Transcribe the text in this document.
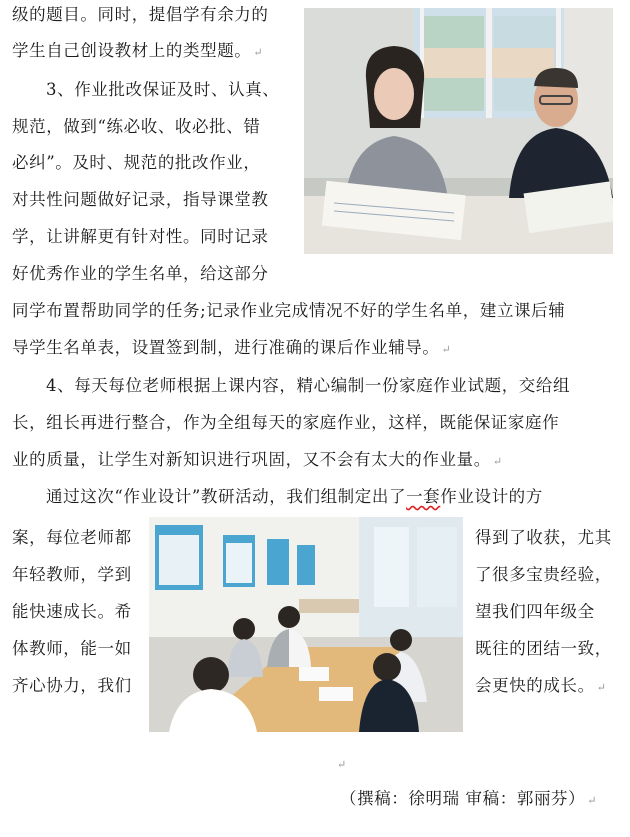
级的题目。同时，提倡学有余力的
学生自己创设教材上的类型题。 ↵
3、作业批改保证及时、认真、
规范，做到“练必收、收必批、错
必纠”。及时、规范的批改作业，
对共性问题做好记录，指导课堂教
学，让讲解更有针对性。同时记录
好优秀作业的学生名单，给这部分
同学布置帮助同学的任务;记录作业完成情况不好的学生名单，建立课后辅
导学生名单表，设置签到制，进行准确的课后作业辅导。 ↵
4、每天每位老师根据上课内容，精心编制一份家庭作业试题，交给组
长，组长再进行整合，作为全组每天的家庭作业，这样，既能保证家庭作
业的质量，让学生对新知识进行巩固，又不会有太大的作业量。 ↵
通过这次“作业设计”教研活动，我们组制定出了一套作业设计的方
案，每位老师都
年轻教师，学到
能快速成长。希
体教师，能一如
齐心协力，我们
得到了收获，尤其
了很多宝贵经验，
望我们四年级全
既往的团结一致，
会更快的成长。 ↵
↵
（撰稿：徐明瑞 审稿：郭丽芬） ↵
